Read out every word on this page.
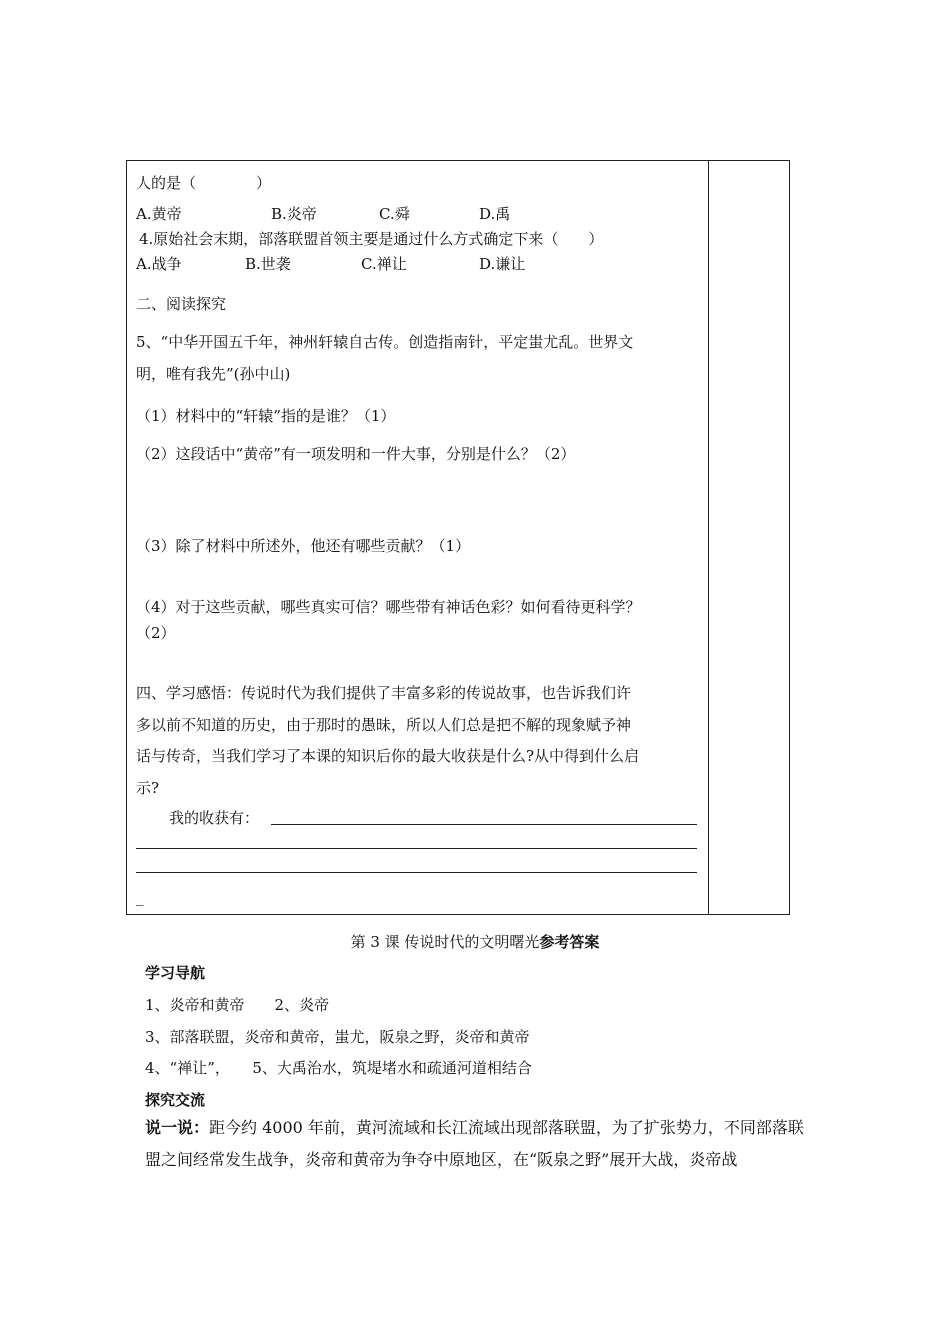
人的是（　　　　）
A.黄帝	B.炎帝	C.舜	D.禹
4.原始社会末期，部落联盟首领主要是通过什么方式确定下来（　　）
A.战争	B.世袭	C.禅让	D.谦让
二、阅读探究
5、“中华开国五千年，神州轩辕自古传。创造指南针，平定蚩尤乱。世界文
明，唯有我先”(孙中山)
（1）材料中的“轩辕”指的是谁？（1）
（2）这段话中“黄帝”有一项发明和一件大事，分别是什么？（2）
（3）除了材料中所述外，他还有哪些贡献？（1）
（4）对于这些贡献，哪些真实可信？哪些带有神话色彩？如何看待更科学？
（2）
四、学习感悟：传说时代为我们提供了丰富多彩的传说故事，也告诉我们许
多以前不知道的历史，由于那时的愚昧，所以人们总是把不解的现象赋予神
话与传奇，当我们学习了本课的知识后你的最大收获是什么?从中得到什么启
示?
我的收获有：
_
第 3 课 传说时代的文明曙光参考答案
学习导航
1、炎帝和黄帝　　2、炎帝
3、部落联盟，炎帝和黄帝，蚩尤，阪泉之野，炎帝和黄帝
4、“禅让”，　　5、大禹治水，筑堤堵水和疏通河道相结合
探究交流
说一说：距今约 4000 年前，黄河流域和长江流域出现部落联盟，为了扩张势力，不同部落联盟之间经常发生战争，炎帝和黄帝为争夺中原地区，在“阪泉之野”展开大战，炎帝战
